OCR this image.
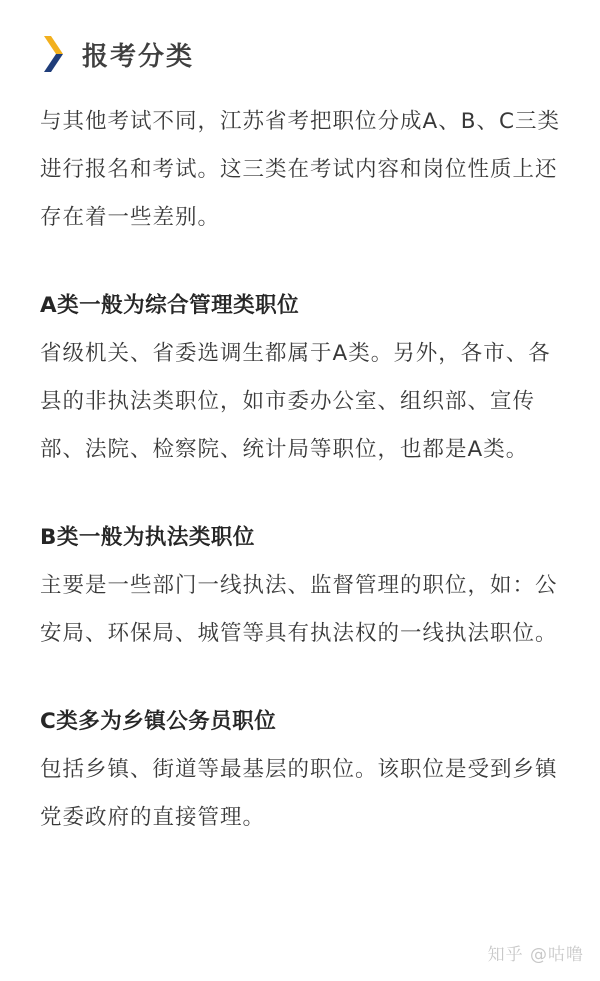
报考分类

与其他考试不同，江苏省考把职位分成A、B、C三类进行报名和考试。这三类在考试内容和岗位性质上还存在着一些差别。

A类一般为综合管理类职位

省级机关、省委选调生都属于A类。另外，各市、各县的非执法类职位，如市委办公室、组织部、宣传部、法院、检察院、统计局等职位，也都是A类。

B类一般为执法类职位

主要是一些部门一线执法、监督管理的职位，如：公安局、环保局、城管等具有执法权的一线执法职位。

C类多为乡镇公务员职位

包括乡镇、街道等最基层的职位。该职位是受到乡镇党委政府的直接管理。

知乎 @咕噜
